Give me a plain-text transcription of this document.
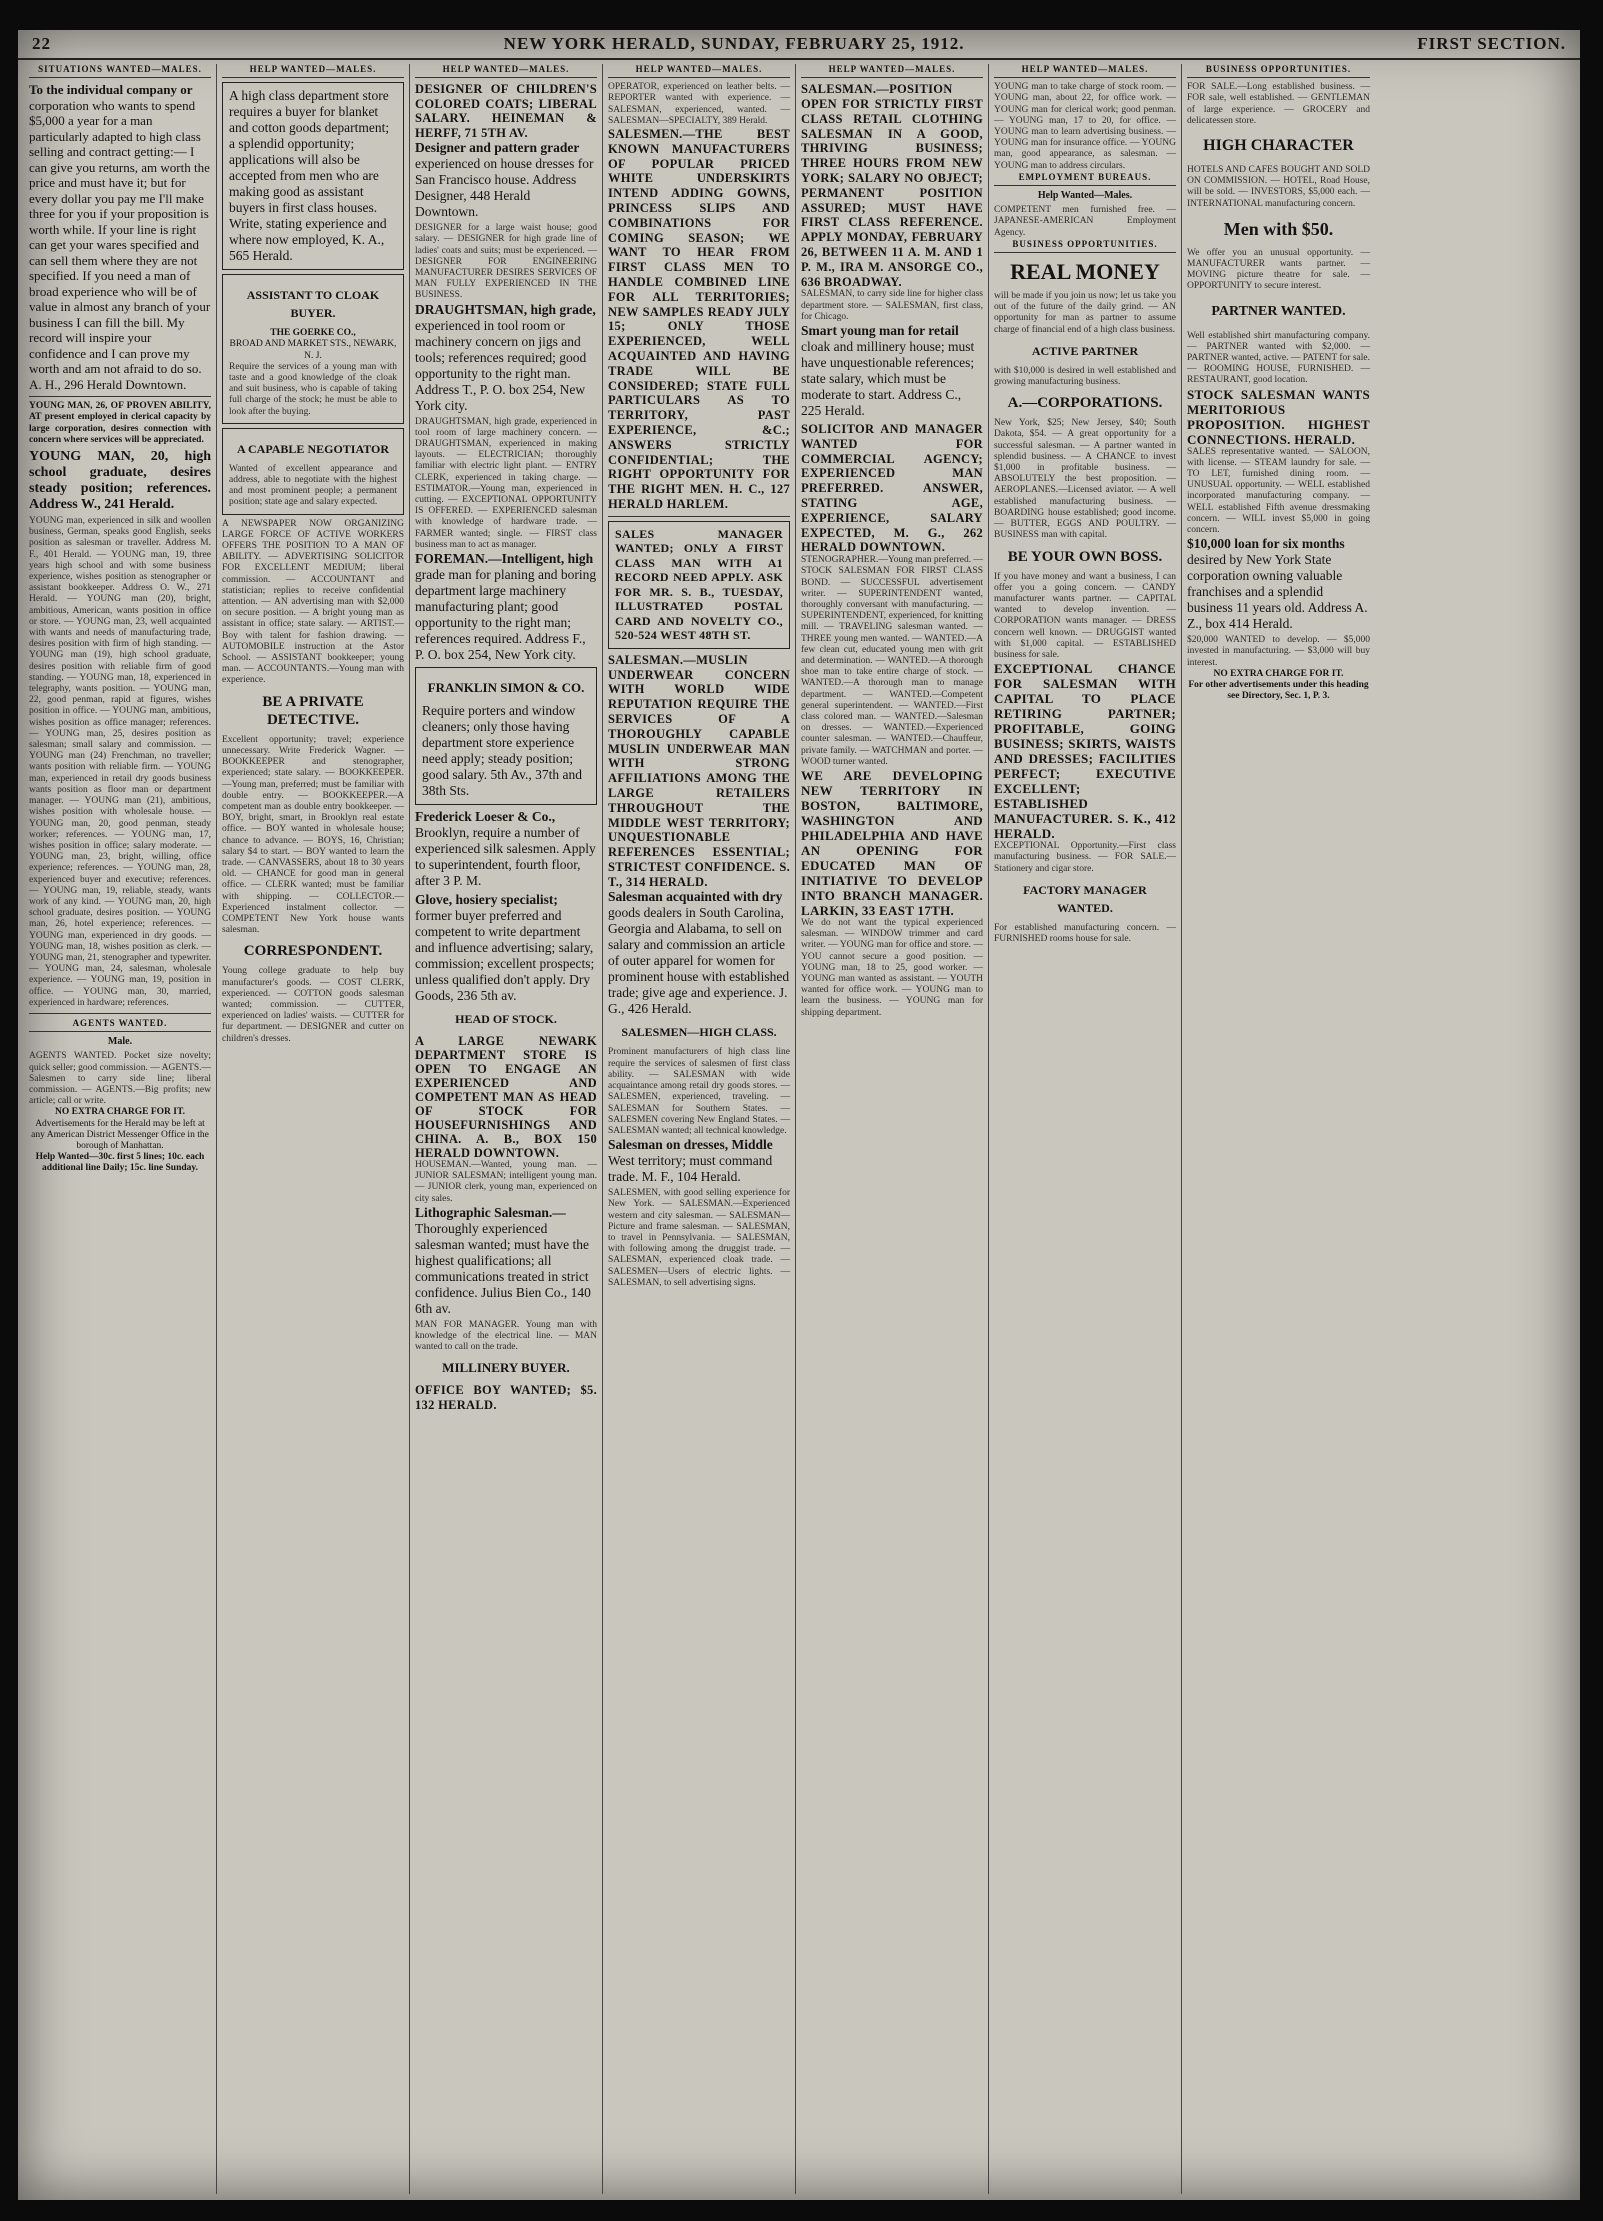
22	NEW YORK HERALD, SUNDAY, FEBRUARY 25, 1912.	FIRST SECTION.
SITUATIONS WANTED—MALES.
To the individual company or corporation who wants to spend $5,000 a year for a man particularly adapted to high class selling and contract getting:— I can give you returns, am worth the price and must have it; but for every dollar you pay me I'll make three for you if your proposition is worth while. If your line is right can get your wares specified and can sell them where they are not specified. If you need a man of broad experience who will be of value in almost any branch of your business I can fill the bill. My record will inspire your confidence and I can prove my worth and am not afraid to do so. A. H., 296 Herald Downtown.
YOUNG MAN, 26, OF PROVEN ABILITY, AT present employed in clerical capacity by large corporation, desires connection with concern where services will be appreciated.
YOUNG MAN, 20, high school graduate, desires steady position; references. Address W., 241 Herald.
YOUNG man, experienced in silk and woollen business, German, speaks good English, seeks position as salesman or traveller. Address M. F., 401 Herald. — YOUNG man, 19, three years high school and with some business experience, wishes position as stenographer or assistant bookkeeper. Address O. W., 271 Herald. — YOUNG man (20), bright, ambitious, American, wants position in office or store. — YOUNG man, 23, well acquainted with wants and needs of manufacturing trade, desires position with firm of high standing. — YOUNG man (19), high school graduate, desires position with reliable firm of good standing. — YOUNG man, 18, experienced in telegraphy, wants position. — YOUNG man, 22, good penman, rapid at figures, wishes position in office. — YOUNG man, ambitious, wishes position as office manager; references. — YOUNG man, 25, desires position as salesman; small salary and commission. — YOUNG man (24) Frenchman, no traveller; wants position with reliable firm. — YOUNG man, experienced in retail dry goods business wants position as floor man or department manager. — YOUNG man (21), ambitious, wishes position with wholesale house. — YOUNG man, 20, good penman, steady worker; references. — YOUNG man, 17, wishes position in office; salary moderate. — YOUNG man, 23, bright, willing, office experience; references. — YOUNG man, 28, experienced buyer and executive; references. — YOUNG man, 19, reliable, steady, wants work of any kind. — YOUNG man, 20, high school graduate, desires position. — YOUNG man, 26, hotel experience; references. — YOUNG man, experienced in dry goods. — YOUNG man, 18, wishes position as clerk. — YOUNG man, 21, stenographer and typewriter. — YOUNG man, 24, salesman, wholesale experience. — YOUNG man, 19, position in office. — YOUNG man, 30, married, experienced in hardware; references.
AGENTS WANTED.
Male.
AGENTS WANTED. Pocket size novelty; quick seller; good commission. — AGENTS.—Salesmen to carry side line; liberal commission. — AGENTS.—Big profits; new article; call or write.
NO EXTRA CHARGE FOR IT.
Advertisements for the Herald may be left at any American District Messenger Office in the borough of Manhattan.
Help Wanted—30c. first 5 lines; 10c. each additional line Daily; 15c. line Sunday.
HELP WANTED—MALES.
A high class department store requires a buyer for blanket and cotton goods department; a splendid opportunity; applications will also be accepted from men who are making good as assistant buyers in first class houses. Write, stating experience and where now employed, K. A., 565 Herald.
ASSISTANT TO CLOAK BUYER.
THE GOERKE CO.,
BROAD AND MARKET STS., NEWARK, N. J.
Require the services of a young man with taste and a good knowledge of the cloak and suit business, who is capable of taking full charge of the stock; he must be able to look after the buying.
A CAPABLE NEGOTIATOR
Wanted of excellent appearance and address, able to negotiate with the highest and most prominent people; a permanent position; state age and salary expected.
A NEWSPAPER NOW ORGANIZING LARGE FORCE OF ACTIVE WORKERS OFFERS THE POSITION TO A MAN OF ABILITY. — ADVERTISING SOLICITOR FOR EXCELLENT MEDIUM; liberal commission. — ACCOUNTANT and statistician; replies to receive confidential attention. — AN advertising man with $2,000 on secure position. — A bright young man as assistant in office; state salary. — ARTIST.—Boy with talent for fashion drawing. — AUTOMOBILE instruction at the Astor School. — ASSISTANT bookkeeper; young man. — ACCOUNTANTS.—Young man with experience.
BE A PRIVATE DETECTIVE.
Excellent opportunity; travel; experience unnecessary. Write Frederick Wagner. — BOOKKEEPER and stenographer, experienced; state salary. — BOOKKEEPER.—Young man, preferred; must be familiar with double entry. — BOOKKEEPER.—A competent man as double entry bookkeeper. — BOY, bright, smart, in Brooklyn real estate office. — BOY wanted in wholesale house; chance to advance. — BOYS, 16, Christian; salary $4 to start. — BOY wanted to learn the trade. — CANVASSERS, about 18 to 30 years old. — CHANCE for good man in general office. — CLERK wanted; must be familiar with shipping. — COLLECTOR.—Experienced instalment collector. — COMPETENT New York house wants salesman.
CORRESPONDENT.
Young college graduate to help buy manufacturer's goods. — COST CLERK, experienced. — COTTON goods salesman wanted; commission. — CUTTER, experienced on ladies' waists. — CUTTER for fur department. — DESIGNER and cutter on children's dresses.
HELP WANTED—MALES.
DESIGNER OF CHILDREN'S COLORED COATS; LIBERAL SALARY. HEINEMAN & HERFF, 71 5TH AV.
Designer and pattern grader experienced on house dresses for San Francisco house. Address Designer, 448 Herald Downtown.
DESIGNER for a large waist house; good salary. — DESIGNER for high grade line of ladies' coats and suits; must be experienced. — DESIGNER FOR ENGINEERING MANUFACTURER DESIRES SERVICES OF MAN FULLY EXPERIENCED IN THE BUSINESS.
DRAUGHTSMAN, high grade, experienced in tool room or machinery concern on jigs and tools; references required; good opportunity to the right man. Address T., P. O. box 254, New York city.
DRAUGHTSMAN, high grade, experienced in tool room of large machinery concern. — DRAUGHTSMAN, experienced in making layouts. — ELECTRICIAN; thoroughly familiar with electric light plant. — ENTRY CLERK, experienced in taking charge. — ESTIMATOR.—Young man, experienced in cutting. — EXCEPTIONAL OPPORTUNITY IS OFFERED. — EXPERIENCED salesman with knowledge of hardware trade. — FARMER wanted; single. — FIRST class business man to act as manager.
FOREMAN.—Intelligent, high grade man for planing and boring department large machinery manufacturing plant; good opportunity to the right man; references required. Address F., P. O. box 254, New York city.
FRANKLIN SIMON & CO.
Require porters and window cleaners; only those having department store experience need apply; steady position; good salary. 5th Av., 37th and 38th Sts.
Frederick Loeser & Co., Brooklyn, require a number of experienced silk salesmen. Apply to superintendent, fourth floor, after 3 P. M.
Glove, hosiery specialist; former buyer preferred and competent to write department and influence advertising; salary, commission; excellent prospects; unless qualified don't apply. Dry Goods, 236 5th av.
HEAD OF STOCK.
A LARGE NEWARK DEPARTMENT STORE IS OPEN TO ENGAGE AN EXPERIENCED AND COMPETENT MAN AS HEAD OF STOCK FOR HOUSEFURNISHINGS AND CHINA. A. B., BOX 150 HERALD DOWNTOWN.
HOUSEMAN.—Wanted, young man. — JUNIOR SALESMAN; intelligent young man. — JUNIOR clerk, young man, experienced on city sales.
Lithographic Salesman.—Thoroughly experienced salesman wanted; must have the highest qualifications; all communications treated in strict confidence. Julius Bien Co., 140 6th av.
MAN FOR MANAGER. Young man with knowledge of the electrical line. — MAN wanted to call on the trade.
MILLINERY BUYER.
OFFICE BOY WANTED; $5. 132 HERALD.
HELP WANTED—MALES.
OPERATOR, experienced on leather belts. — REPORTER wanted with experience. — SALESMAN, experienced, wanted. — SALESMAN—SPECIALTY, 389 Herald.
SALESMEN.—THE BEST KNOWN MANUFACTURERS OF POPULAR PRICED WHITE UNDERSKIRTS INTEND ADDING GOWNS, PRINCESS SLIPS AND COMBINATIONS FOR COMING SEASON; WE WANT TO HEAR FROM FIRST CLASS MEN TO HANDLE COMBINED LINE FOR ALL TERRITORIES; NEW SAMPLES READY JULY 15; ONLY THOSE EXPERIENCED, WELL ACQUAINTED AND HAVING TRADE WILL BE CONSIDERED; STATE FULL PARTICULARS AS TO TERRITORY, PAST EXPERIENCE, &C.; ANSWERS STRICTLY CONFIDENTIAL; THE RIGHT OPPORTUNITY FOR THE RIGHT MEN. H. C., 127 HERALD HARLEM.
SALES MANAGER WANTED; ONLY A FIRST CLASS MAN WITH A1 RECORD NEED APPLY. ASK FOR MR. S. B., TUESDAY, ILLUSTRATED POSTAL CARD AND NOVELTY CO., 520-524 WEST 48TH ST.
SALESMAN.—MUSLIN UNDERWEAR CONCERN WITH WORLD WIDE REPUTATION REQUIRE THE SERVICES OF A THOROUGHLY CAPABLE MUSLIN UNDERWEAR MAN WITH STRONG AFFILIATIONS AMONG THE LARGE RETAILERS THROUGHOUT THE MIDDLE WEST TERRITORY; UNQUESTIONABLE REFERENCES ESSENTIAL; STRICTEST CONFIDENCE. S. T., 314 HERALD.
Salesman acquainted with dry goods dealers in South Carolina, Georgia and Alabama, to sell on salary and commission an article of outer apparel for women for prominent house with established trade; give age and experience. J. G., 426 Herald.
SALESMEN—HIGH CLASS.
Prominent manufacturers of high class line require the services of salesmen of first class ability. — SALESMAN with wide acquaintance among retail dry goods stores. — SALESMEN, experienced, traveling. — SALESMAN for Southern States. — SALESMEN covering New England States. — SALESMAN wanted; all technical knowledge.
Salesman on dresses, Middle West territory; must command trade. M. F., 104 Herald.
SALESMEN, with good selling experience for New York. — SALESMAN.—Experienced western and city salesman. — SALESMAN—Picture and frame salesman. — SALESMAN, to travel in Pennsylvania. — SALESMAN, with following among the druggist trade. — SALESMAN, experienced cloak trade. — SALESMEN—Users of electric lights. — SALESMAN, to sell advertising signs.
HELP WANTED—MALES.
SALESMAN.—POSITION OPEN FOR STRICTLY FIRST CLASS RETAIL CLOTHING SALESMAN IN A GOOD, THRIVING BUSINESS; THREE HOURS FROM NEW YORK; SALARY NO OBJECT; PERMANENT POSITION ASSURED; MUST HAVE FIRST CLASS REFERENCE. APPLY MONDAY, FEBRUARY 26, BETWEEN 11 A. M. AND 1 P. M., IRA M. ANSORGE CO., 636 BROADWAY.
SALESMAN, to carry side line for higher class department store. — SALESMAN, first class, for Chicago.
Smart young man for retail cloak and millinery house; must have unquestionable references; state salary, which must be moderate to start. Address C., 225 Herald.
SOLICITOR AND MANAGER WANTED FOR COMMERCIAL AGENCY; EXPERIENCED MAN PREFERRED. ANSWER, STATING AGE, EXPERIENCE, SALARY EXPECTED, M. G., 262 HERALD DOWNTOWN.
STENOGRAPHER.—Young man preferred. — STOCK SALESMAN FOR FIRST CLASS BOND. — SUCCESSFUL advertisement writer. — SUPERINTENDENT wanted, thoroughly conversant with manufacturing. — SUPERINTENDENT, experienced, for knitting mill. — TRAVELING salesman wanted. — THREE young men wanted. — WANTED.—A few clean cut, educated young men with grit and determination. — WANTED.—A thorough shoe man to take entire charge of stock. — WANTED.—A thorough man to manage department. — WANTED.—Competent general superintendent. — WANTED.—First class colored man. — WANTED.—Salesman on dresses. — WANTED.—Experienced counter salesman. — WANTED.—Chauffeur, private family. — WATCHMAN and porter. — WOOD turner wanted.
WE ARE DEVELOPING NEW TERRITORY IN BOSTON, BALTIMORE, WASHINGTON AND PHILADELPHIA AND HAVE AN OPENING FOR EDUCATED MAN OF INITIATIVE TO DEVELOP INTO BRANCH MANAGER. LARKIN, 33 EAST 17TH.
We do not want the typical experienced salesman. — WINDOW trimmer and card writer. — YOUNG man for office and store. — YOU cannot secure a good position. — YOUNG man, 18 to 25, good worker. — YOUNG man wanted as assistant. — YOUTH wanted for office work. — YOUNG man to learn the business. — YOUNG man for shipping department.
HELP WANTED—MALES.
YOUNG man to take charge of stock room. — YOUNG man, about 22, for office work. — YOUNG man for clerical work; good penman. — YOUNG man, 17 to 20, for office. — YOUNG man to learn advertising business. — YOUNG man for insurance office. — YOUNG man, good appearance, as salesman. — YOUNG man to address circulars.
EMPLOYMENT BUREAUS.
Help Wanted—Males.
COMPETENT men furnished free. — JAPANESE-AMERICAN Employment Agency.
BUSINESS OPPORTUNITIES.
REAL MONEY
will be made if you join us now; let us take you out of the future of the daily grind. — AN opportunity for man as partner to assume charge of financial end of a high class business.
ACTIVE PARTNER
with $10,000 is desired in well established and growing manufacturing business.
A.—CORPORATIONS.
New York, $25; New Jersey, $40; South Dakota, $54. — A great opportunity for a successful salesman. — A partner wanted in splendid business. — A CHANCE to invest $1,000 in profitable business. — ABSOLUTELY the best proposition. — AEROPLANES.—Licensed aviator. — A well established manufacturing business. — BOARDING house established; good income. — BUTTER, EGGS AND POULTRY. — BUSINESS man with capital.
BE YOUR OWN BOSS.
If you have money and want a business, I can offer you a going concern. — CANDY manufacturer wants partner. — CAPITAL wanted to develop invention. — CORPORATION wants manager. — DRESS concern well known. — DRUGGIST wanted with $1,000 capital. — ESTABLISHED business for sale.
EXCEPTIONAL CHANCE FOR SALESMAN WITH CAPITAL TO PLACE RETIRING PARTNER; PROFITABLE, GOING BUSINESS; SKIRTS, WAISTS AND DRESSES; FACILITIES PERFECT; EXECUTIVE EXCELLENT; ESTABLISHED MANUFACTURER. S. K., 412 HERALD.
EXCEPTIONAL Opportunity.—First class manufacturing business. — FOR SALE.—Stationery and cigar store.
FACTORY MANAGER WANTED.
For established manufacturing concern. — FURNISHED rooms house for sale.
BUSINESS OPPORTUNITIES.
FOR SALE.—Long established business. — FOR sale, well established. — GENTLEMAN of large experience. — GROCERY and delicatessen store.
HIGH CHARACTER
HOTELS AND CAFES BOUGHT AND SOLD ON COMMISSION. — HOTEL, Road House, will be sold. — INVESTORS, $5,000 each. — INTERNATIONAL manufacturing concern.
Men with $50.
We offer you an unusual opportunity. — MANUFACTURER wants partner. — MOVING picture theatre for sale. — OPPORTUNITY to secure interest.
PARTNER WANTED.
Well established shirt manufacturing company. — PARTNER wanted with $2,000. — PARTNER wanted, active. — PATENT for sale. — ROOMING HOUSE, FURNISHED. — RESTAURANT, good location.
STOCK SALESMAN WANTS MERITORIOUS PROPOSITION. HIGHEST CONNECTIONS. HERALD.
SALES representative wanted. — SALOON, with license. — STEAM laundry for sale. — TO LET, furnished dining room. — UNUSUAL opportunity. — WELL established incorporated manufacturing company. — WELL established Fifth avenue dressmaking concern. — WILL invest $5,000 in going concern.
$10,000 loan for six months desired by New York State corporation owning valuable franchises and a splendid business 11 years old. Address A. Z., box 414 Herald.
$20,000 WANTED to develop. — $5,000 invested in manufacturing. — $3,000 will buy interest.
NO EXTRA CHARGE FOR IT.
For other advertisements under this heading see Directory, Sec. 1, P. 3.
